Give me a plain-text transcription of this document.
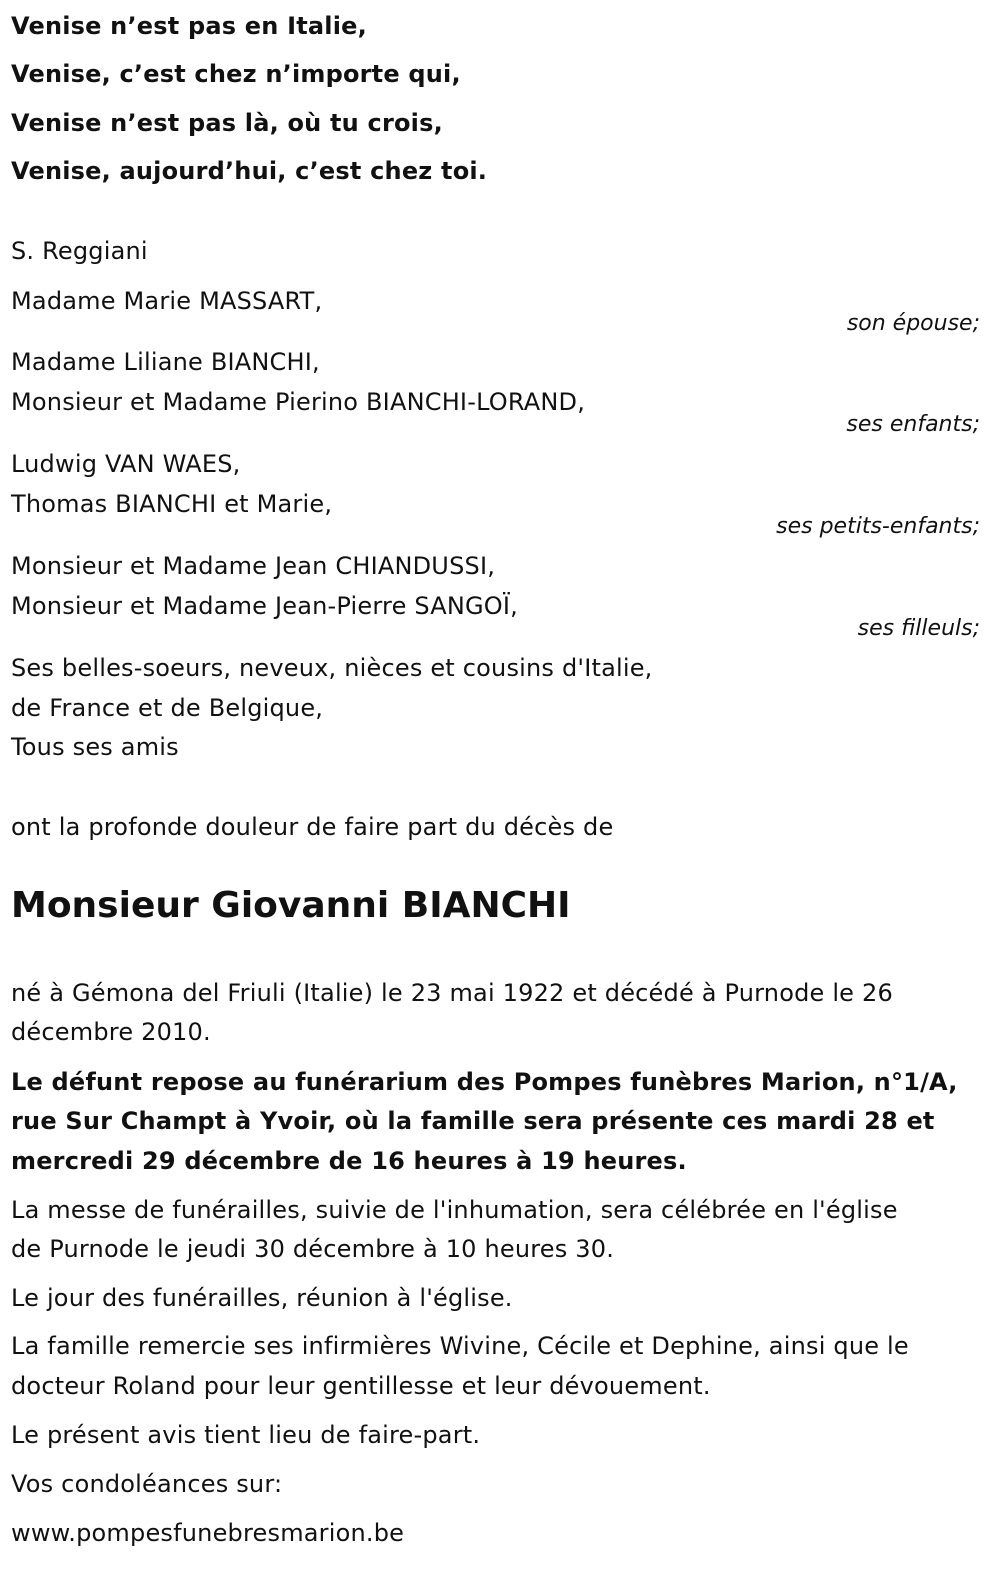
Venise n’est pas en Italie,
Venise, c’est chez n’importe qui,
Venise n’est pas là, où tu crois,
Venise, aujourd’hui, c’est chez toi.
S. Reggiani
Madame Marie MASSART,
son épouse;
Madame Liliane BIANCHI,
Monsieur et Madame Pierino BIANCHI-LORAND,
ses enfants;
Ludwig VAN WAES,
Thomas BIANCHI et Marie,
ses petits-enfants;
Monsieur et Madame Jean CHIANDUSSI,
Monsieur et Madame Jean-Pierre SANGOÏ,
ses filleuls;
Ses belles-soeurs, neveux, nièces et cousins d'Italie,
de France et de Belgique,
Tous ses amis
ont la profonde douleur de faire part du décès de
Monsieur Giovanni BIANCHI
né à Gémona del Friuli (Italie) le 23 mai 1922 et décédé à Purnode le 26
décembre 2010.
Le défunt repose au funérarium des Pompes funèbres Marion, n°1/A,
rue Sur Champt à Yvoir, où la famille sera présente ces mardi 28 et
mercredi 29 décembre de 16 heures à 19 heures.
La messe de funérailles, suivie de l'inhumation, sera célébrée en l'église
de Purnode le jeudi 30 décembre à 10 heures 30.
Le jour des funérailles, réunion à l'église.
La famille remercie ses infirmières Wivine, Cécile et Dephine, ainsi que le
docteur Roland pour leur gentillesse et leur dévouement.
Le présent avis tient lieu de faire-part.
Vos condoléances sur:
www.pompesfunebresmarion.be
